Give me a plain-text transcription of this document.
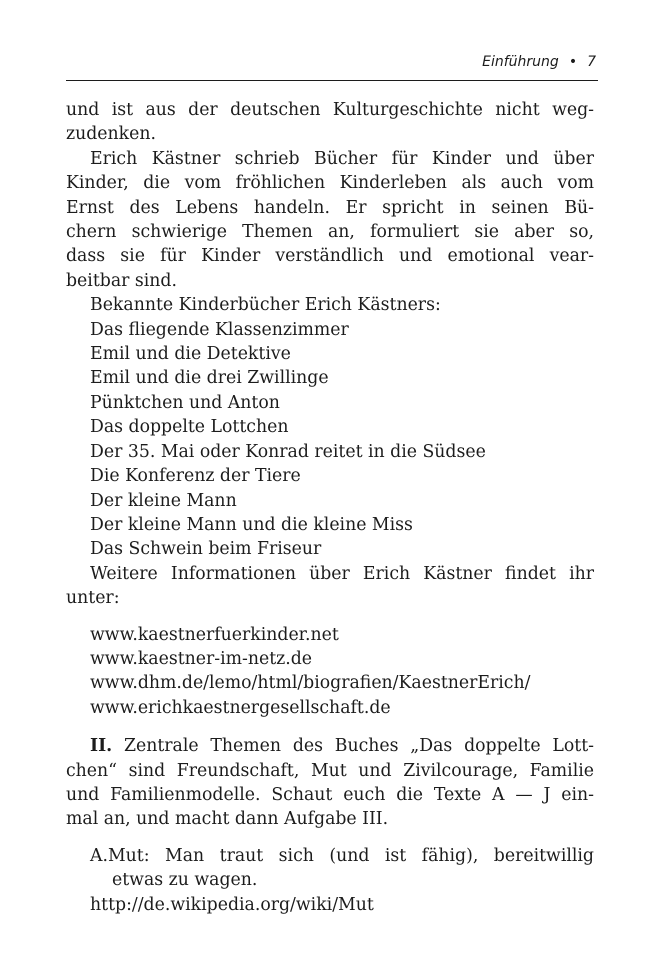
Einführung • 7
und ist aus der deutschen Kulturgeschichte nicht weg-
zudenken.
Erich Kästner schrieb Bücher für Kinder und über
Kinder, die vom fröhlichen Kinderleben als auch vom
Ernst des Lebens handeln. Er spricht in seinen Bü-
chern schwierige Themen an, formuliert sie aber so,
dass sie für Kinder verständlich und emotional vear-
beitbar sind.
Bekannte Kinderbücher Erich Kästners:
Das fliegende Klassenzimmer
Emil und die Detektive
Emil und die drei Zwillinge
Pünktchen und Anton
Das doppelte Lottchen
Der 35. Mai oder Konrad reitet in die Südsee
Die Konferenz der Tiere
Der kleine Mann
Der kleine Mann und die kleine Miss
Das Schwein beim Friseur
Weitere Informationen über Erich Kästner findet ihr
unter:
www.kaestnerfuerkinder.net
www.kaestner-im-netz.de
www.dhm.de/lemo/html/biografien/KaestnerErich/
www.erichkaestnergesellschaft.de
II. Zentrale Themen des Buches „Das doppelte Lott-
chen“ sind Freundschaft, Mut und Zivilcourage, Familie
und Familienmodelle. Schaut euch die Texte A — J ein-
mal an, und macht dann Aufgabe III.
A.Mut: Man traut sich (und ist fähig), bereitwillig
etwas zu wagen.
http://de.wikipedia.org/wiki/Mut
